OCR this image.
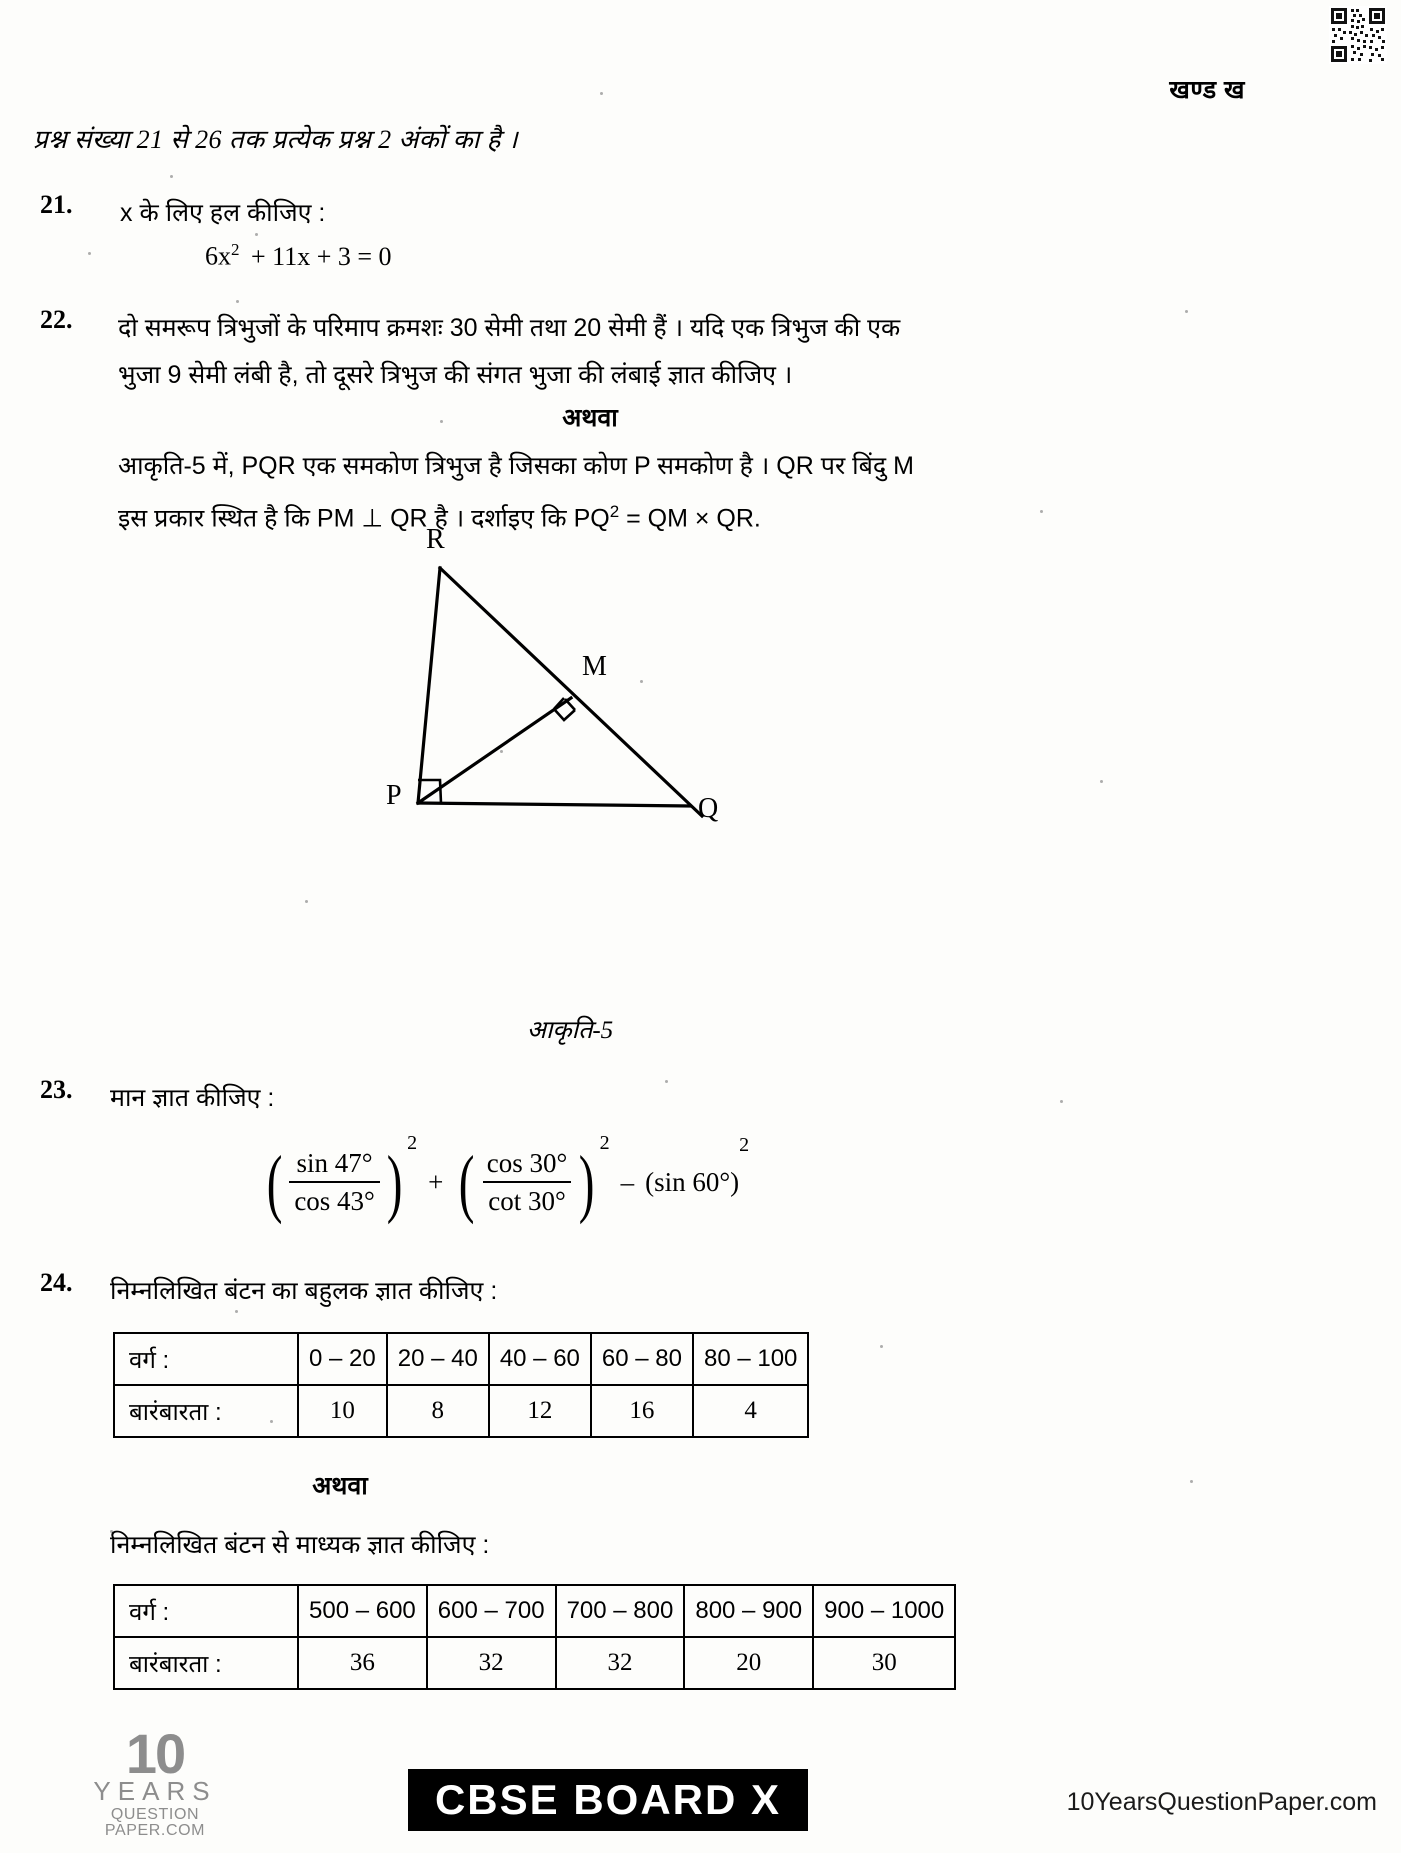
खण्ड ख
प्रश्न संख्या 21 से 26 तक प्रत्येक प्रश्न 2 अंकों का है ।
21. x के लिए हल कीजिए :
$6x^2 + 11x + 3 = 0$
22. दो समरूप त्रिभुजों के परिमाप क्रमशः 30 सेमी तथा 20 सेमी हैं । यदि एक त्रिभुज की एक
भुजा 9 सेमी लंबी है, तो दूसरे त्रिभुज की संगत भुजा की लंबाई ज्ञात कीजिए ।
अथवा
आकृति-5 में, PQR एक समकोण त्रिभुज है जिसका कोण P समकोण है । QR पर बिंदु M
इस प्रकार स्थित है कि PM ⊥ QR है । दर्शाइए कि $PQ^2$ = QM × QR.
R
M
P	Q
आकृति-5
23. मान ज्ञात कीजिए :
( $\frac{\sin 47^\circ}{\cos 43^\circ}$ ) 2
+ ( $\frac{\cos 30^\circ}{\cot 30^\circ}$ ) 2
– (sin 60°)
2
24. निम्नलिखित बंटन का बहुलक ज्ञात कीजिए :
वर्ग :	0 – 20	20 – 40	40 – 60	60 – 80	80 – 100
बारंबारता :	10	8	12	16	4
अथवा
निम्नलिखित बंटन से माध्यक ज्ञात कीजिए :
वर्ग :	500 – 600	600 – 700	700 – 800	800 – 900	900 – 1000
बारंबारता :	36	32	32	20	30
10
YEARS
QUESTION PAPER.COM
CBSE BOARD X	10YearsQuestionPaper.com
